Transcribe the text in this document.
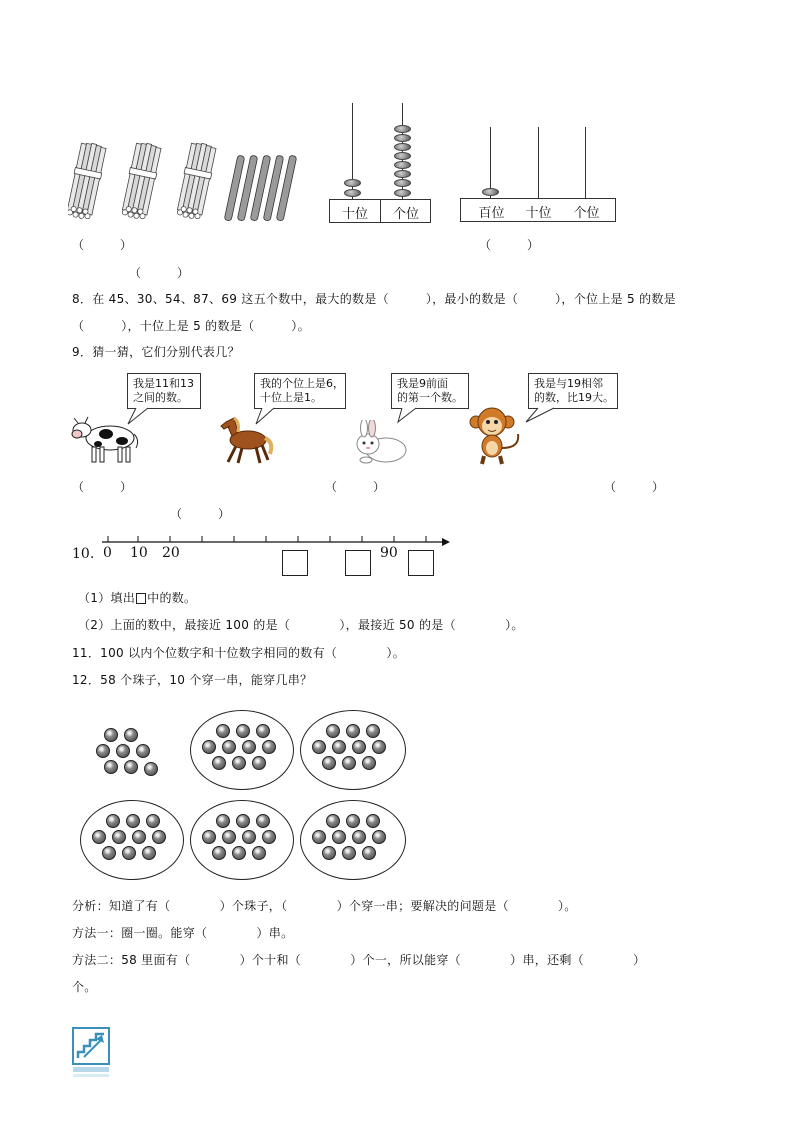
十位	个位	百位	十位	个位
（　　　）	（　　　）
（　　　）
8．在 45、30、54、87、69 这五个数中，最大的数是（　　　），最小的数是（　　　），个位上是 5 的数是
（　　　），十位上是 5 的数是（　　　）。
9．猜一猜，它们分别代表几？
我是11和13
之间的数。
我的个位上是6，
十位上是1。
我是9前面
的第一个数。
我是与19相邻
的数，比19大。
（　　　）	（　　　）	（　　　）
（　　　）
10. 0 10 20	90
（1）填出 中的数。
（2）上面的数中，最接近 100 的是（　　　　），最接近 50 的是（　　　　）。
11．100 以内个位数字和十位数字相同的数有（　　　　）。
12．58 个珠子，10 个穿一串，能穿几串？
分析：知道了有（　　　　）个珠子，（　　　　）个穿一串；要解决的问题是（　　　　）。
方法一：圈一圈。能穿（　　　　）串。
方法二：58 里面有（　　　　）个十和（　　　　）个一，所以能穿（　　　　）串，还剩（　　　　）
个。
